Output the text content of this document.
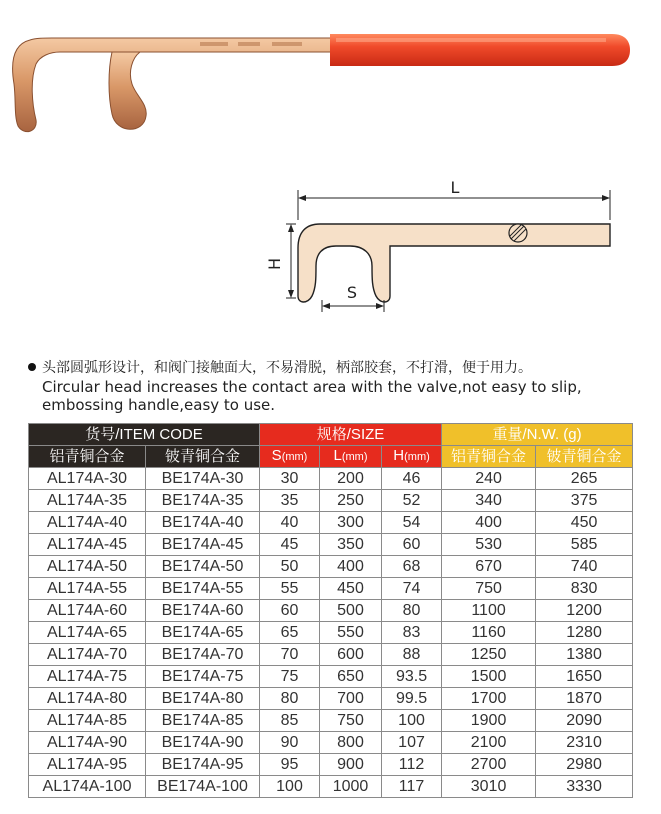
L
H
S
头部圆弧形设计，和阀门接触面大，不易滑脱，柄部胶套，不打滑，便于用力。
Circular head increases the contact area with the valve,not easy to slip,
embossing handle,easy to use.
货号/ITEM CODE		规格/SIZE			重量/N.W. (g)	
铝青铜合金	铍青铜合金	S(mm)	L(mm)	H(mm)	铝青铜合金	铍青铜合金
AL174A-30	BE174A-30	30	200	46	240	265
AL174A-35	BE174A-35	35	250	52	340	375
AL174A-40	BE174A-40	40	300	54	400	450
AL174A-45	BE174A-45	45	350	60	530	585
AL174A-50	BE174A-50	50	400	68	670	740
AL174A-55	BE174A-55	55	450	74	750	830
AL174A-60	BE174A-60	60	500	80	1100	1200
AL174A-65	BE174A-65	65	550	83	1160	1280
AL174A-70	BE174A-70	70	600	88	1250	1380
AL174A-75	BE174A-75	75	650	93.5	1500	1650
AL174A-80	BE174A-80	80	700	99.5	1700	1870
AL174A-85	BE174A-85	85	750	100	1900	2090
AL174A-90	BE174A-90	90	800	107	2100	2310
AL174A-95	BE174A-95	95	900	112	2700	2980
AL174A-100	BE174A-100	100	1000	117	3010	3330
